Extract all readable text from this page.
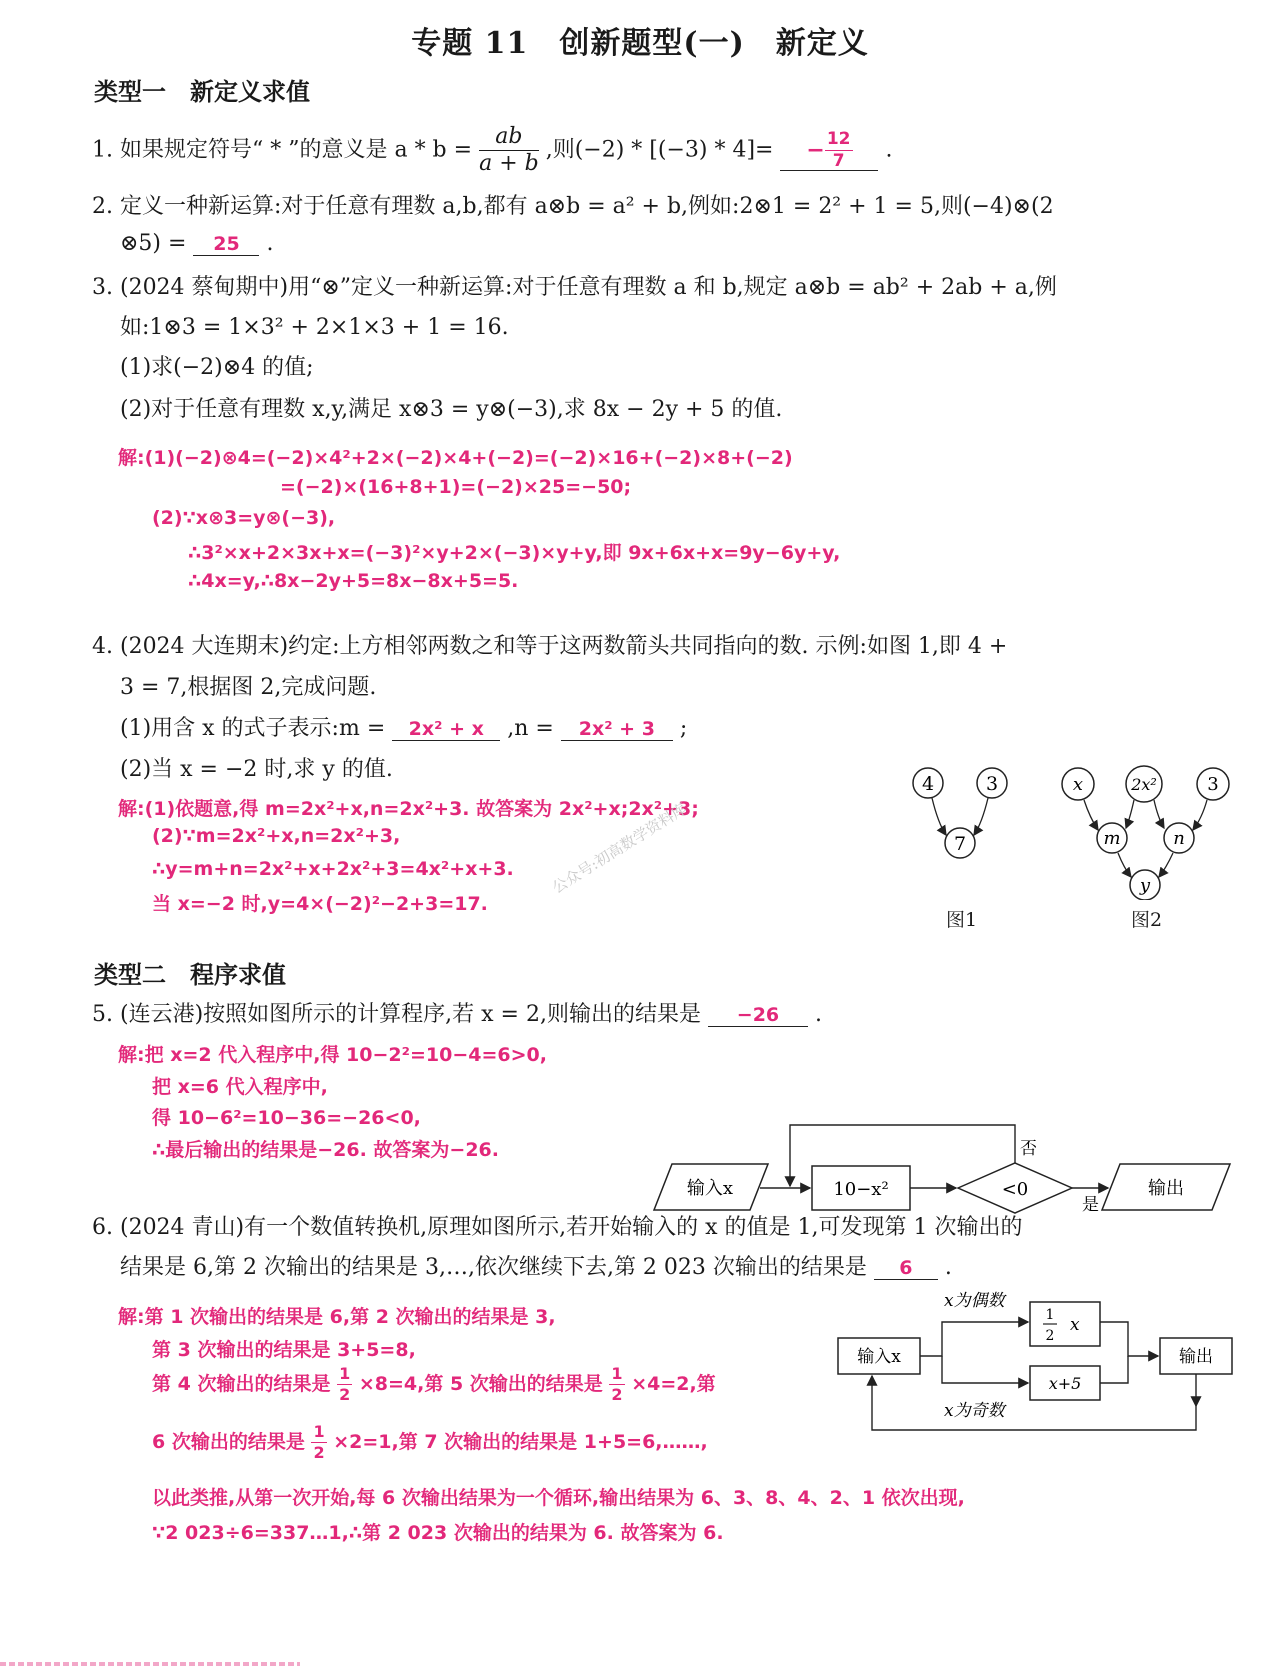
专题 11　创新题型(一)　新定义
类型一　新定义求值
1. 如果规定符号“ * ”的意义是 $a * b = \frac{ab}{a + b}$ ,则$(-2) * [(-3) * 4]= - \frac{12}{7}$ .
2. 定义一种新运算:对于任意有理数 a,b,都有 a⊗b = a² + b,例如:2⊗1 = 2² + 1 = 5,则(−4)⊗(2
⊗5) = 25 .
3. (2024 蔡甸期中)用“⊗”定义一种新运算:对于任意有理数 a 和 b,规定 a⊗b = ab² + 2ab + a,例
如:1⊗3 = 1×3² + 2×1×3 + 1 = 16.
(1)求(−2)⊗4 的值;
(2)对于任意有理数 x,y,满足 x⊗3 = y⊗(−3),求 8x − 2y + 5 的值.
解:(1)(−2)⊗4=(−2)×4²+2×(−2)×4+(−2)=(−2)×16+(−2)×8+(−2)
=(−2)×(16+8+1)=(−2)×25=−50;
(2)∵x⊗3=y⊗(−3),
∴3²×x+2×3x+x=(−3)²×y+2×(−3)×y+y,即 9x+6x+x=9y−6y+y,
∴4x=y,∴8x−2y+5=8x−8x+5=5.
4. (2024 大连期末)约定:上方相邻两数之和等于这两数箭头共同指向的数. 示例:如图 1,即 4 +
3 = 7,根据图 2,完成问题.
(1)用含 x 的式子表示:m = 2x² + x ,n = 2x² + 3 ;
(2)当 x = −2 时,求 y 的值.
解:(1)依题意,得 m=2x²+x,n=2x²+3. 故答案为 2x²+x;2x²+3;
(2)∵m=2x²+x,n=2x²+3,
∴y=m+n=2x²+x+2x²+3=4x²+x+3.
当 x=−2 时,y=4×(−2)²−2+3=17.
公众号:初高数学资料库
4	3
7
图1
x	2x²	3
m	n
y
图2
类型二　程序求值
5. (连云港)按照如图所示的计算程序,若 x = 2,则输出的结果是 −26 .
解:把 x=2 代入程序中,得 10−2²=10−4=6>0,
把 x=6 代入程序中,
得 10−6²=10−36=−26<0,
∴最后输出的结果是−26. 故答案为−26.
输入x	10−x²	<0	输出
否
是
6. (2024 青山)有一个数值转换机,原理如图所示,若开始输入的 x 的值是 1,可发现第 1 次输出的
结果是 6,第 2 次输出的结果是 3,…,依次继续下去,第 2 023 次输出的结果是 6 .
解:第 1 次输出的结果是 6,第 2 次输出的结果是 3,
第 3 次输出的结果是 3+5=8,
第 4 次输出的结果是 $\frac{1}{2} \times 8=4$,第 5 次输出的结果是 $\frac{1}{2} \times 4=2$,第
6 次输出的结果是 $\frac{1}{2} \times 2=1$,第 7 次输出的结果是 1+5=6,……,
以此类推,从第一次开始,每 6 次输出结果为一个循环,输出结果为 6、3、8、4、2、1 依次出现,
∵2 023÷6=337…1,∴第 2 023 次输出的结果为 6. 故答案为 6.
输入x	输出
x为偶数
x为奇数
1
2
x
x+5
